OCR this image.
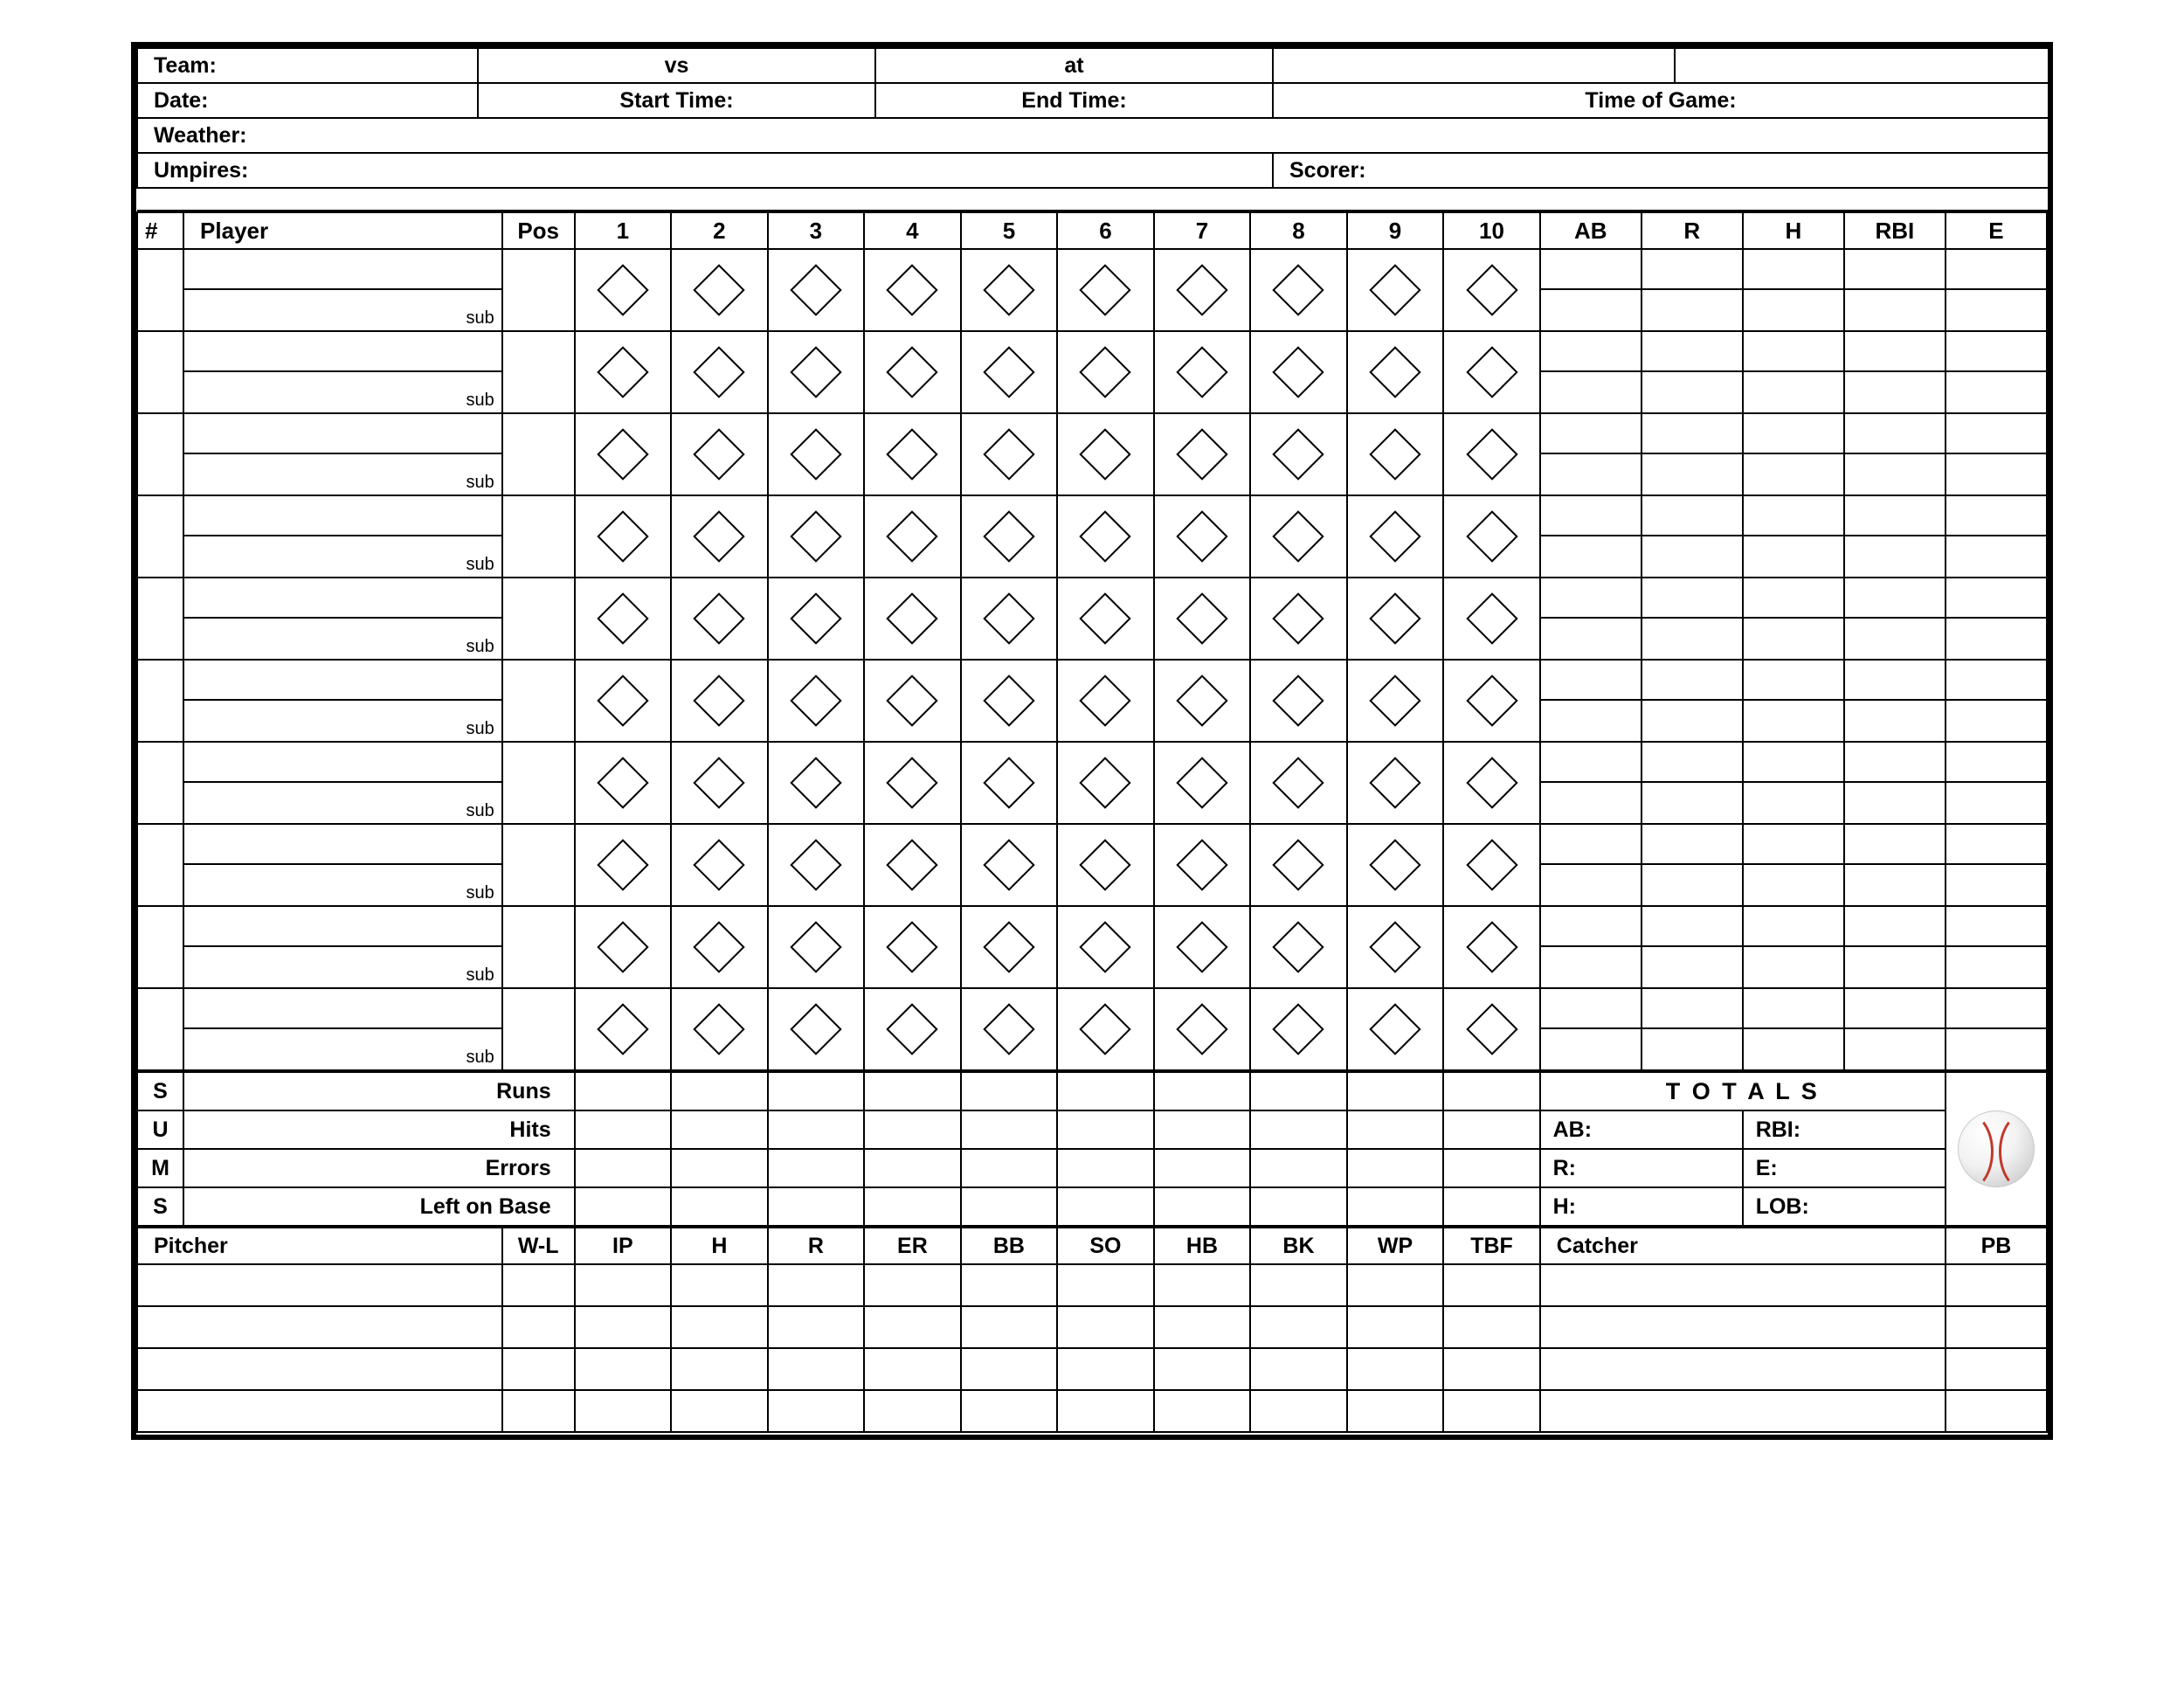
Team:	vs	at		
Date:	Start Time:	End Time:	Time of Game:	
Weather:				
Umpires:			Scorer:	

#	Player	Pos	1	2	3	4	5	6	7	8	9	10	AB	R	H	RBI	E

	sub																

	sub																

	sub																

	sub																

	sub																

	sub																

	sub																

	sub																

	sub																

	sub																

S	Runs											T O T A L S		

U	Hits											AB:	RBI:	
M	Errors											R:	E:	
S	Left on Base											H:	LOB:	
Pitcher	W-L	IP	H	R	ER	BB	SO	HB	BK	WP	TBF	Catcher	PB
